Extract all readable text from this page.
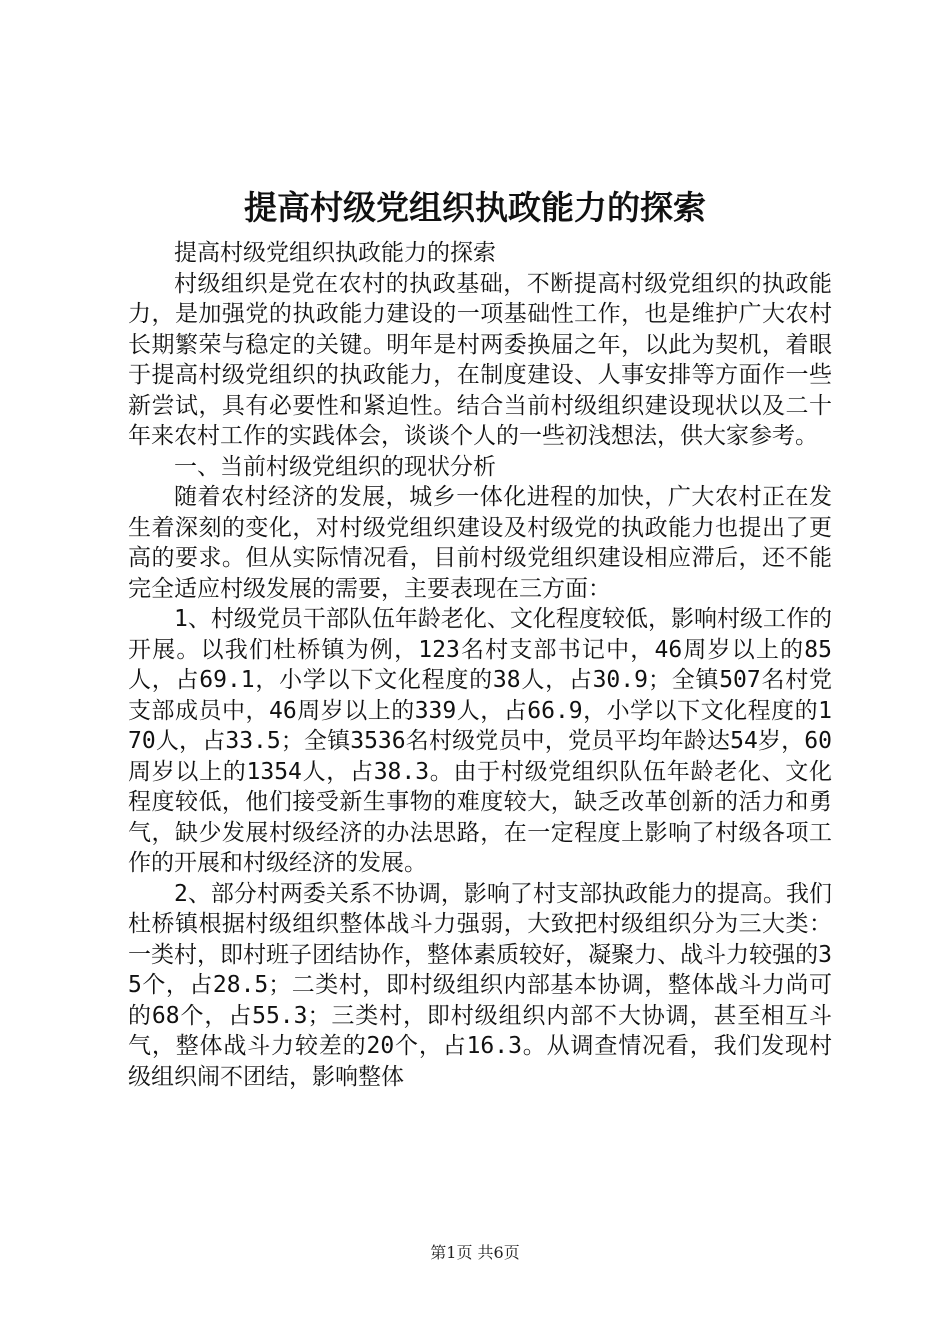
提高村级党组织执政能力的探索

提高村级党组织执政能力的探索

村级组织是党在农村的执政基础，不断提高村级党组织的执政能力，是加强党的执政能力建设的一项基础性工作，也是维护广大农村长期繁荣与稳定的关键。明年是村两委换届之年，以此为契机，着眼于提高村级党组织的执政能力，在制度建设、人事安排等方面作一些新尝试，具有必要性和紧迫性。结合当前村级组织建设现状以及二十年来农村工作的实践体会，谈谈个人的一些初浅想法，供大家参考。

一、当前村级党组织的现状分析

随着农村经济的发展，城乡一体化进程的加快，广大农村正在发生着深刻的变化，对村级党组织建设及村级党的执政能力也提出了更高的要求。但从实际情况看，目前村级党组织建设相应滞后，还不能完全适应村级发展的需要，主要表现在三方面：

1、村级党员干部队伍年龄老化、文化程度较低，影响村级工作的开展。以我们杜桥镇为例，123名村支部书记中，46周岁以上的85人，占69.1，小学以下文化程度的38人，占30.9；全镇507名村党支部成员中，46周岁以上的339人，占66.9，小学以下文化程度的170人，占33.5；全镇3536名村级党员中，党员平均年龄达54岁，60周岁以上的1354人，占38.3。由于村级党组织队伍年龄老化、文化程度较低，他们接受新生事物的难度较大，缺乏改革创新的活力和勇气，缺少发展村级经济的办法思路，在一定程度上影响了村级各项工作的开展和村级经济的发展。

2、部分村两委关系不协调，影响了村支部执政能力的提高。我们杜桥镇根据村级组织整体战斗力强弱，大致把村级组织分为三大类：一类村，即村班子团结协作，整体素质较好，凝聚力、战斗力较强的35个，占28.5；二类村，即村级组织内部基本协调，整体战斗力尚可的68个，占55.3；三类村，即村级组织内部不大协调，甚至相互斗气，整体战斗力较差的20个，占16.3。从调查情况看，我们发现村级组织闹不团结，影响整体

第1页 共6页
